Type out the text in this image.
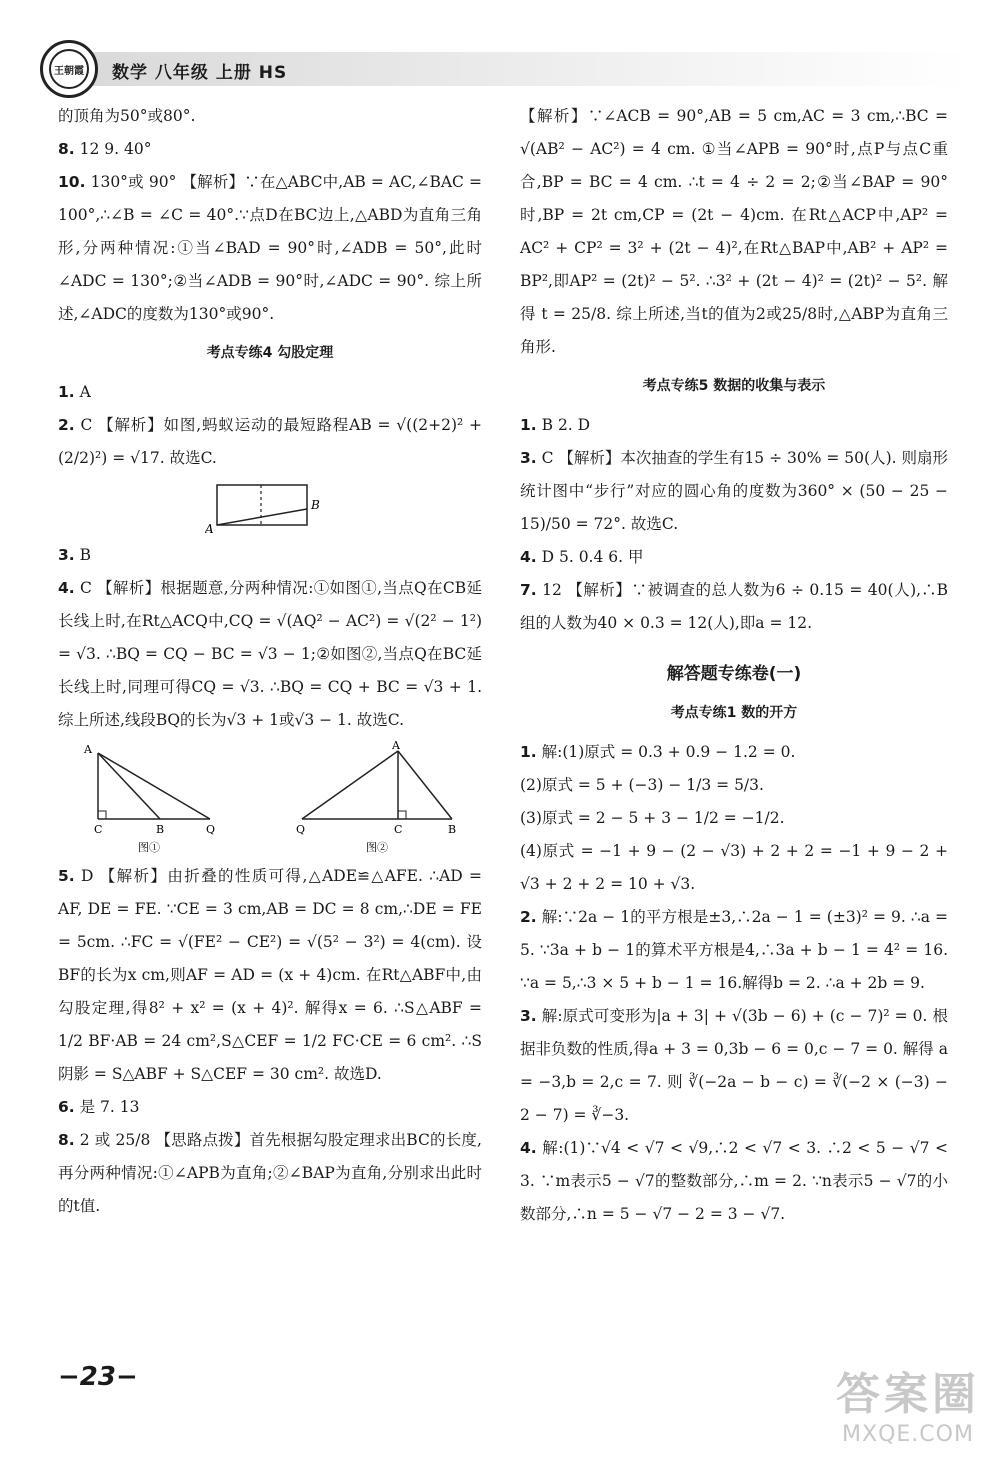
王朝霞 数学 八年级 上册 HS

的顶角为50°或80°.

8. 12 9. 40°

10. 130°或 90° 【解析】∵在△ABC中,AB = AC,∠BAC = 100°,∴∠B = ∠C = 40°.∵点D在BC边上,△ABD为直角三角形,分两种情况:①当∠BAD = 90°时,∠ADB = 50°,此时∠ADC = 130°;②当∠ADB = 90°时,∠ADC = 90°. 综上所述,∠ADC的度数为130°或90°.

考点专练4 勾股定理

1. A

2. C 【解析】如图,蚂蚁运动的最短路程AB = √((2+2)² + (2/2)²) = √17. 故选C.

A
B

3. B

4. C 【解析】根据题意,分两种情况:①如图①,当点Q在CB延长线上时,在Rt△ACQ中,CQ = √(AQ² − AC²) = √(2² − 1²) = √3. ∴BQ = CQ − BC = √3 − 1;②如图②,当点Q在BC延长线上时,同理可得CQ = √3. ∴BQ = CQ + BC = √3 + 1. 综上所述,线段BQ的长为√3 + 1或√3 − 1. 故选C.

A
C	B	Q
图①
A
Q	C	B
图②

5. D 【解析】由折叠的性质可得,△ADE≌△AFE. ∴AD = AF, DE = FE. ∵CE = 3 cm,AB = DC = 8 cm,∴DE = FE = 5cm. ∴FC = √(FE² − CE²) = √(5² − 3²) = 4(cm). 设BF的长为x cm,则AF = AD = (x + 4)cm. 在Rt△ABF中,由勾股定理,得8² + x² = (x + 4)². 解得x = 6. ∴S△ABF = 1/2 BF·AB = 24 cm²,S△CEF = 1/2 FC·CE = 6 cm². ∴S阴影 = S△ABF + S△CEF = 30 cm². 故选D.

6. 是 7. 13

8. 2 或 25/8 【思路点拨】首先根据勾股定理求出BC的长度,再分两种情况:①∠APB为直角;②∠BAP为直角,分别求出此时的t值.

【解析】∵∠ACB = 90°,AB = 5 cm,AC = 3 cm,∴BC = √(AB² − AC²) = 4 cm. ①当∠APB = 90°时,点P与点C重合,BP = BC = 4 cm. ∴t = 4 ÷ 2 = 2;②当∠BAP = 90°时,BP = 2t cm,CP = (2t − 4)cm. 在Rt△ACP中,AP² = AC² + CP² = 3² + (2t − 4)²,在Rt△BAP中,AB² + AP² = BP²,即AP² = (2t)² − 5². ∴3² + (2t − 4)² = (2t)² − 5². 解得 t = 25/8. 综上所述,当t的值为2或25/8时,△ABP为直角三角形.

考点专练5 数据的收集与表示

1. B 2. D

3. C 【解析】本次抽查的学生有15 ÷ 30% = 50(人). 则扇形统计图中“步行”对应的圆心角的度数为360° × (50 − 25 − 15)/50 = 72°. 故选C.

4. D 5. 0.4 6. 甲

7. 12 【解析】∵被调查的总人数为6 ÷ 0.15 = 40(人),∴B组的人数为40 × 0.3 = 12(人),即a = 12.

解答题专练卷(一)

考点专练1 数的开方

1. 解:(1)原式 = 0.3 + 0.9 − 1.2 = 0.

(2)原式 = 5 + (−3) − 1/3 = 5/3.

(3)原式 = 2 − 5 + 3 − 1/2 = −1/2.

(4)原式 = −1 + 9 − (2 − √3) + 2 + 2 = −1 + 9 − 2 + √3 + 2 + 2 = 10 + √3.

2. 解:∵2a − 1的平方根是±3,∴2a − 1 = (±3)² = 9. ∴a = 5. ∵3a + b − 1的算术平方根是4,∴3a + b − 1 = 4² = 16. ∵a = 5,∴3 × 5 + b − 1 = 16.解得b = 2. ∴a + 2b = 9.

3. 解:原式可变形为|a + 3| + √(3b − 6) + (c − 7)² = 0. 根据非负数的性质,得a + 3 = 0,3b − 6 = 0,c − 7 = 0. 解得 a = −3,b = 2,c = 7. 则 ∛(−2a − b − c) = ∛(−2 × (−3) − 2 − 7) = ∛−3.

4. 解:(1)∵√4 < √7 < √9,∴2 < √7 < 3. ∴2 < 5 − √7 < 3. ∵m表示5 − √7的整数部分,∴m = 2. ∵n表示5 − √7的小数部分,∴n = 5 − √7 − 2 = 3 − √7.

−23−	答案圈
MXQE.COM
